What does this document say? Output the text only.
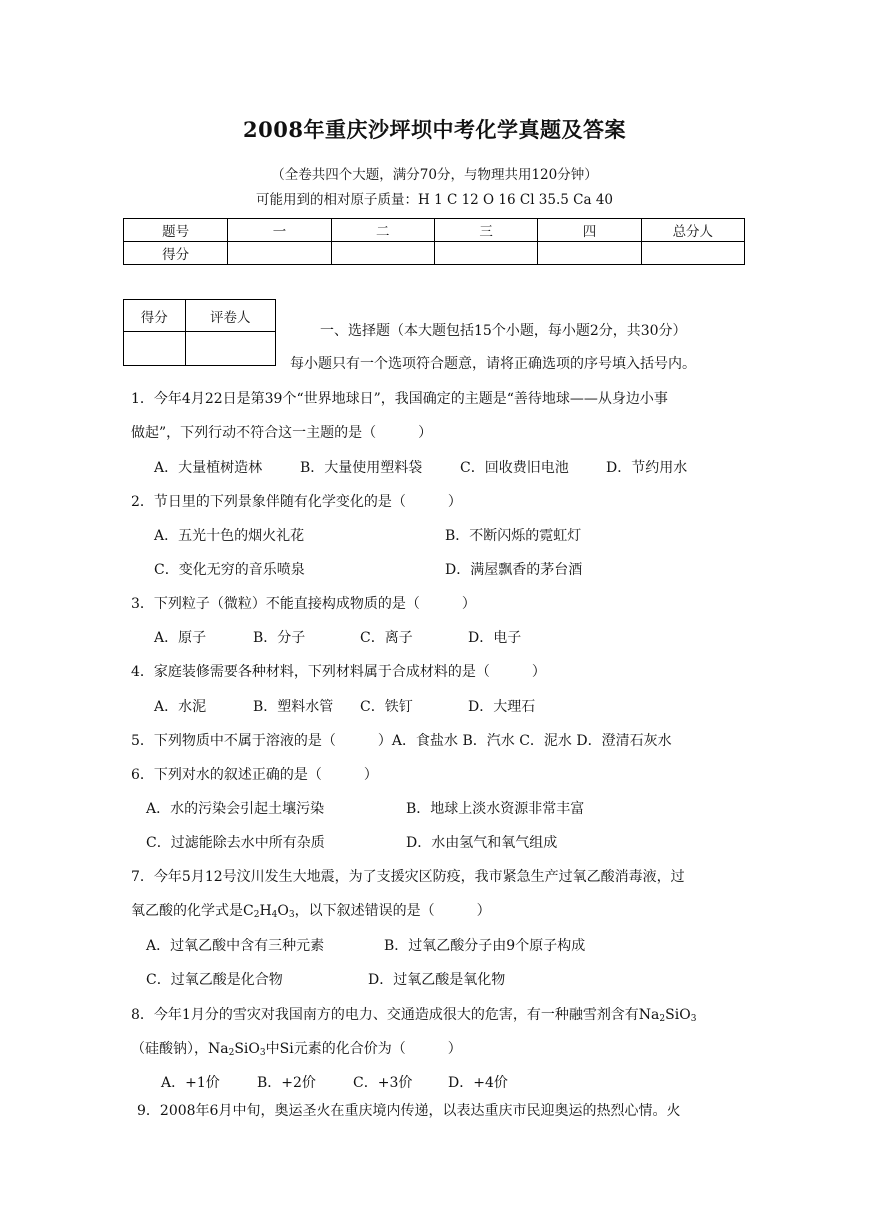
2008年重庆沙坪坝中考化学真题及答案
（全卷共四个大题，满分70分，与物理共用120分钟）
可能用到的相对原子质量：H 1 C 12 O 16 Cl 35.5 Ca 40
题号	一	二	三	四	总分人
得分					
得分	评卷人

一、选择题（本大题包括15个小题，每小题2分，共30分）
每小题只有一个选项符合题意，请将正确选项的序号填入括号内。
1．今年4月22日是第39个“世界地球日”，我国确定的主题是“善待地球——从身边小事
做起”，下列行动不符合这一主题的是（　　　）
A．大量植树造林	B．大量使用塑料袋	C．回收费旧电池	D．节约用水
2．节日里的下列景象伴随有化学变化的是（　　　）
A．五光十色的烟火礼花	B．不断闪烁的霓虹灯
C．变化无穷的音乐喷泉	D．满屋飘香的茅台酒
3．下列粒子（微粒）不能直接构成物质的是（　　　）
A．原子	B．分子	C．离子	D．电子
4．家庭装修需要各种材料，下列材料属于合成材料的是（　　　）
A．水泥	B．塑料水管 C．铁钉	D．大理石
5．下列物质中不属于溶液的是（　　　）A．食盐水 B．汽水 C．泥水 D．澄清石灰水
6．下列对水的叙述正确的是（　　　）
A．水的污染会引起土壤污染	B．地球上淡水资源非常丰富
C．过滤能除去水中所有杂质	D．水由氢气和氧气组成
7．今年5月12号汶川发生大地震，为了支援灾区防疫，我市紧急生产过氧乙酸消毒液，过
氧乙酸的化学式是C2H4O3，以下叙述错误的是（　　　）
A．过氧乙酸中含有三种元素	B．过氧乙酸分子由9个原子构成
C．过氧乙酸是化合物	D．过氧乙酸是氧化物
8．今年1月分的雪灾对我国南方的电力、交通造成很大的危害，有一种融雪剂含有Na2SiO3
（硅酸钠），Na2SiO3中Si元素的化合价为（　　　）
A．+1价	B．+2价	C．+3价	D．+4价
9．2008年6月中旬，奥运圣火在重庆境内传递，以表达重庆市民迎奥运的热烈心情。火
